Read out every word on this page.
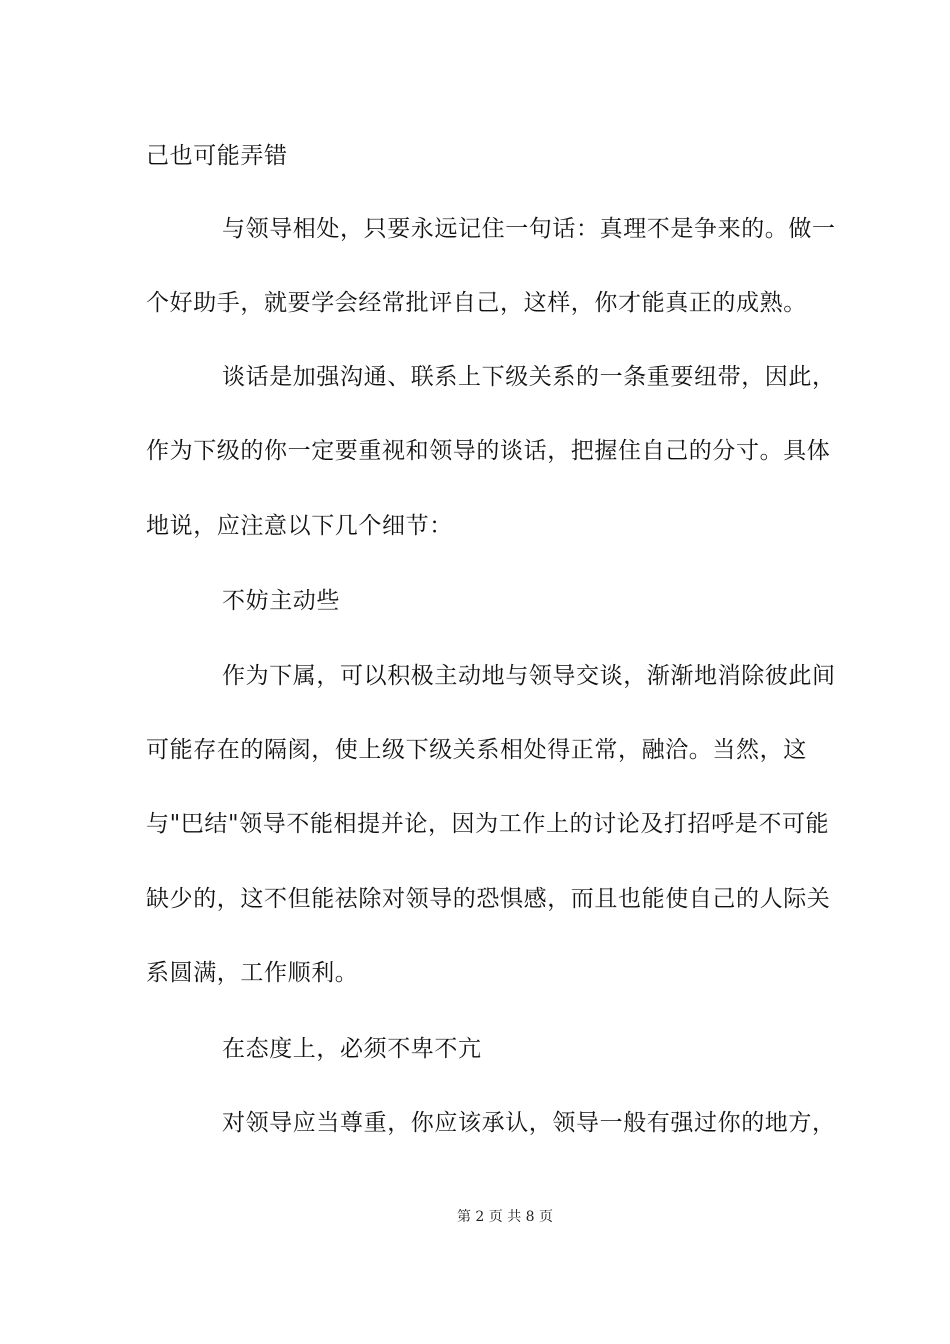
己也可能弄错
与领导相处，只要永远记住一句话：真理不是争来的。做一
个好助手，就要学会经常批评自己，这样，你才能真正的成熟。
谈话是加强沟通、联系上下级关系的一条重要纽带，因此，
作为下级的你一定要重视和领导的谈话，把握住自己的分寸。具体
地说，应注意以下几个细节：
不妨主动些
作为下属，可以积极主动地与领导交谈，渐渐地消除彼此间
可能存在的隔阂，使上级下级关系相处得正常，融洽。当然，这
与"巴结"领导不能相提并论，因为工作上的讨论及打招呼是不可能
缺少的，这不但能祛除对领导的恐惧感，而且也能使自己的人际关
系圆满，工作顺利。
在态度上，必须不卑不亢
对领导应当尊重，你应该承认，领导一般有强过你的地方，
第 2 页 共 8 页
